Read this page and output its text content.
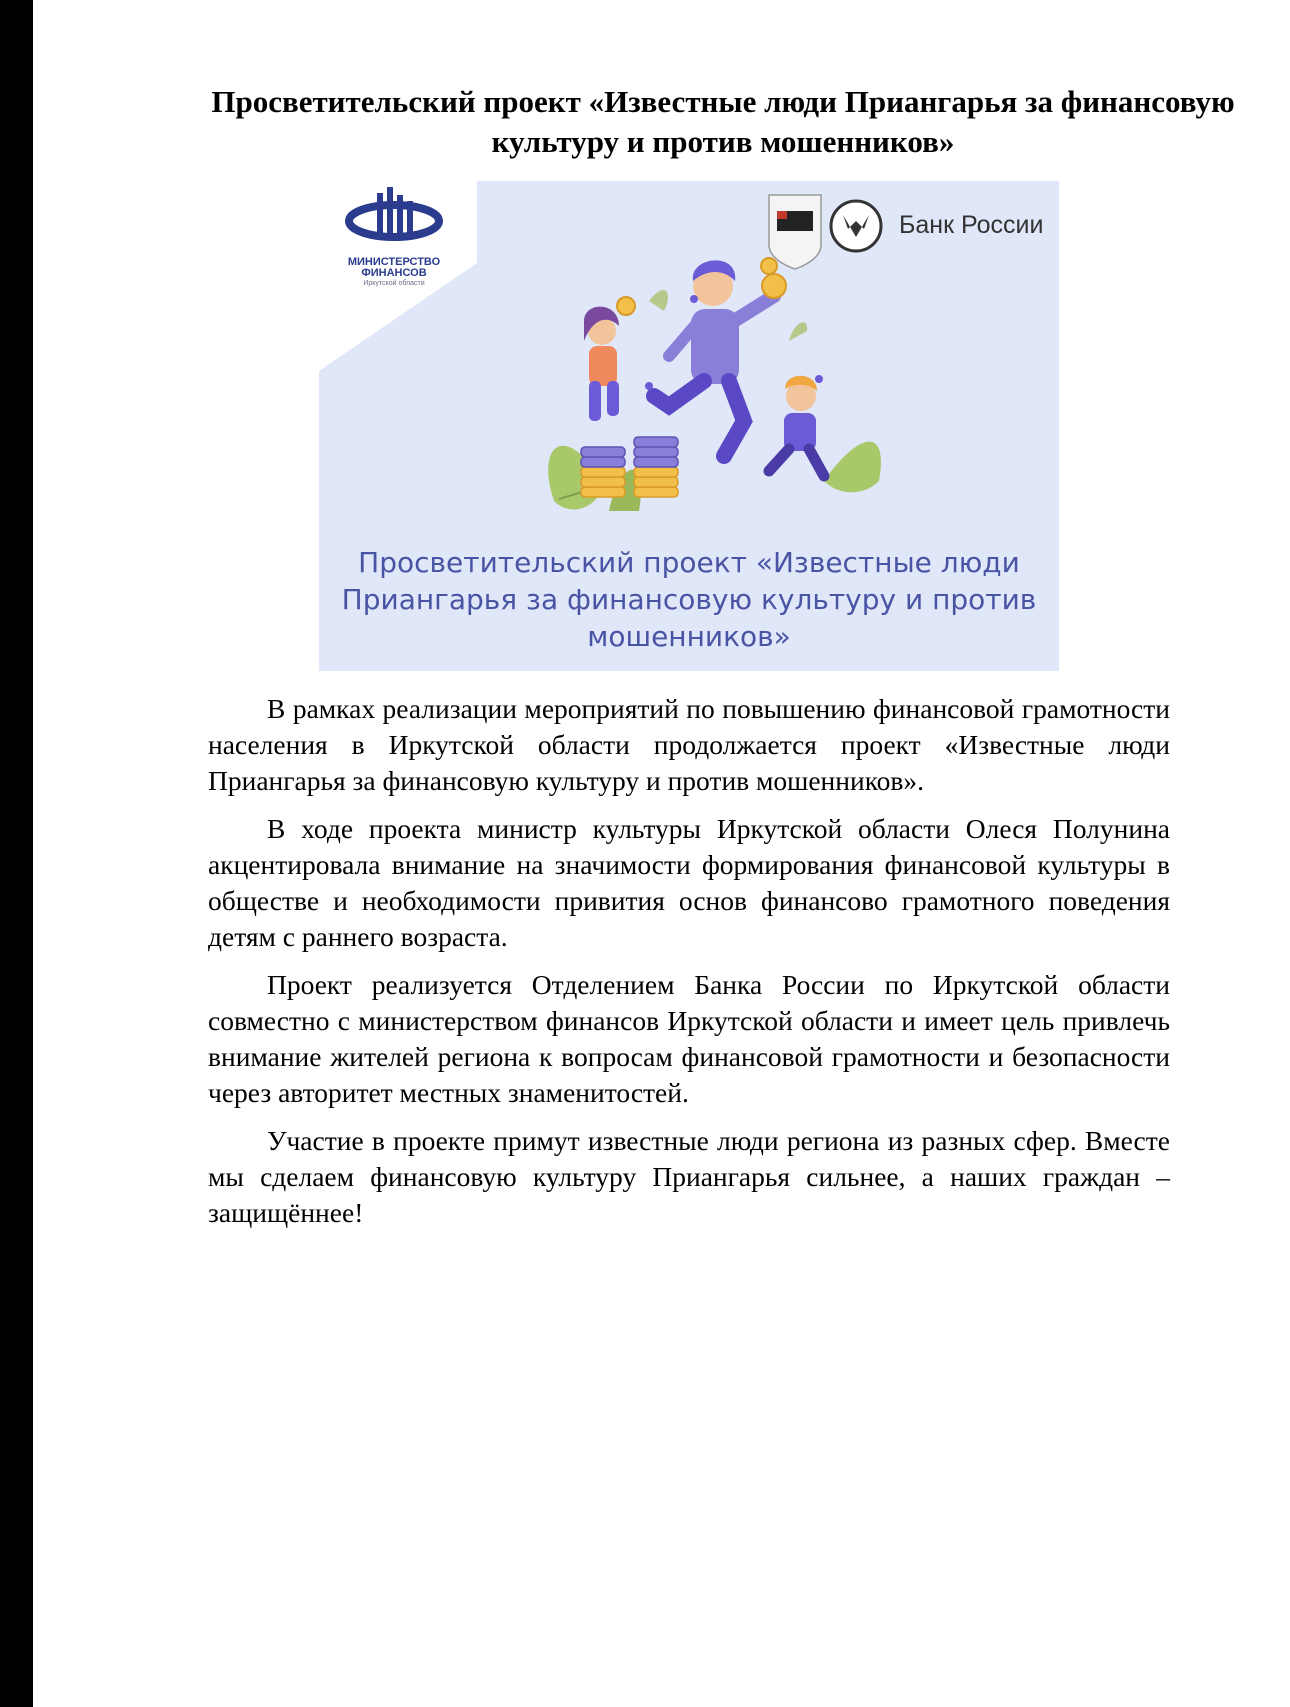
Просветительский проект «Известные люди Приангарья за финансовую культуру и против мошенников»
МИНИСТЕРСТВО ФИНАНСОВ
Иркутской области
Банк России

Просветительский проект «Известные люди Приангарья за финансовую культуру и против мошенников»

В рамках реализации мероприятий по повышению финансовой грамотности населения в Иркутской области продолжается проект «Известные люди Приангарья за финансовую культуру и против мошенников».

В ходе проекта министр культуры Иркутской области Олеся Полунина акцентировала внимание на значимости формирования финансовой культуры в обществе и необходимости привития основ финансово грамотного поведения детям с раннего возраста.

Проект реализуется Отделением Банка России по Иркутской области совместно с министерством финансов Иркутской области и имеет цель привлечь внимание жителей региона к вопросам финансовой грамотности и безопасности через авторитет местных знаменитостей.

Участие в проекте примут известные люди региона из разных сфер. Вместе мы сделаем финансовую культуру Приангарья сильнее, а наших граждан – защищённее!
